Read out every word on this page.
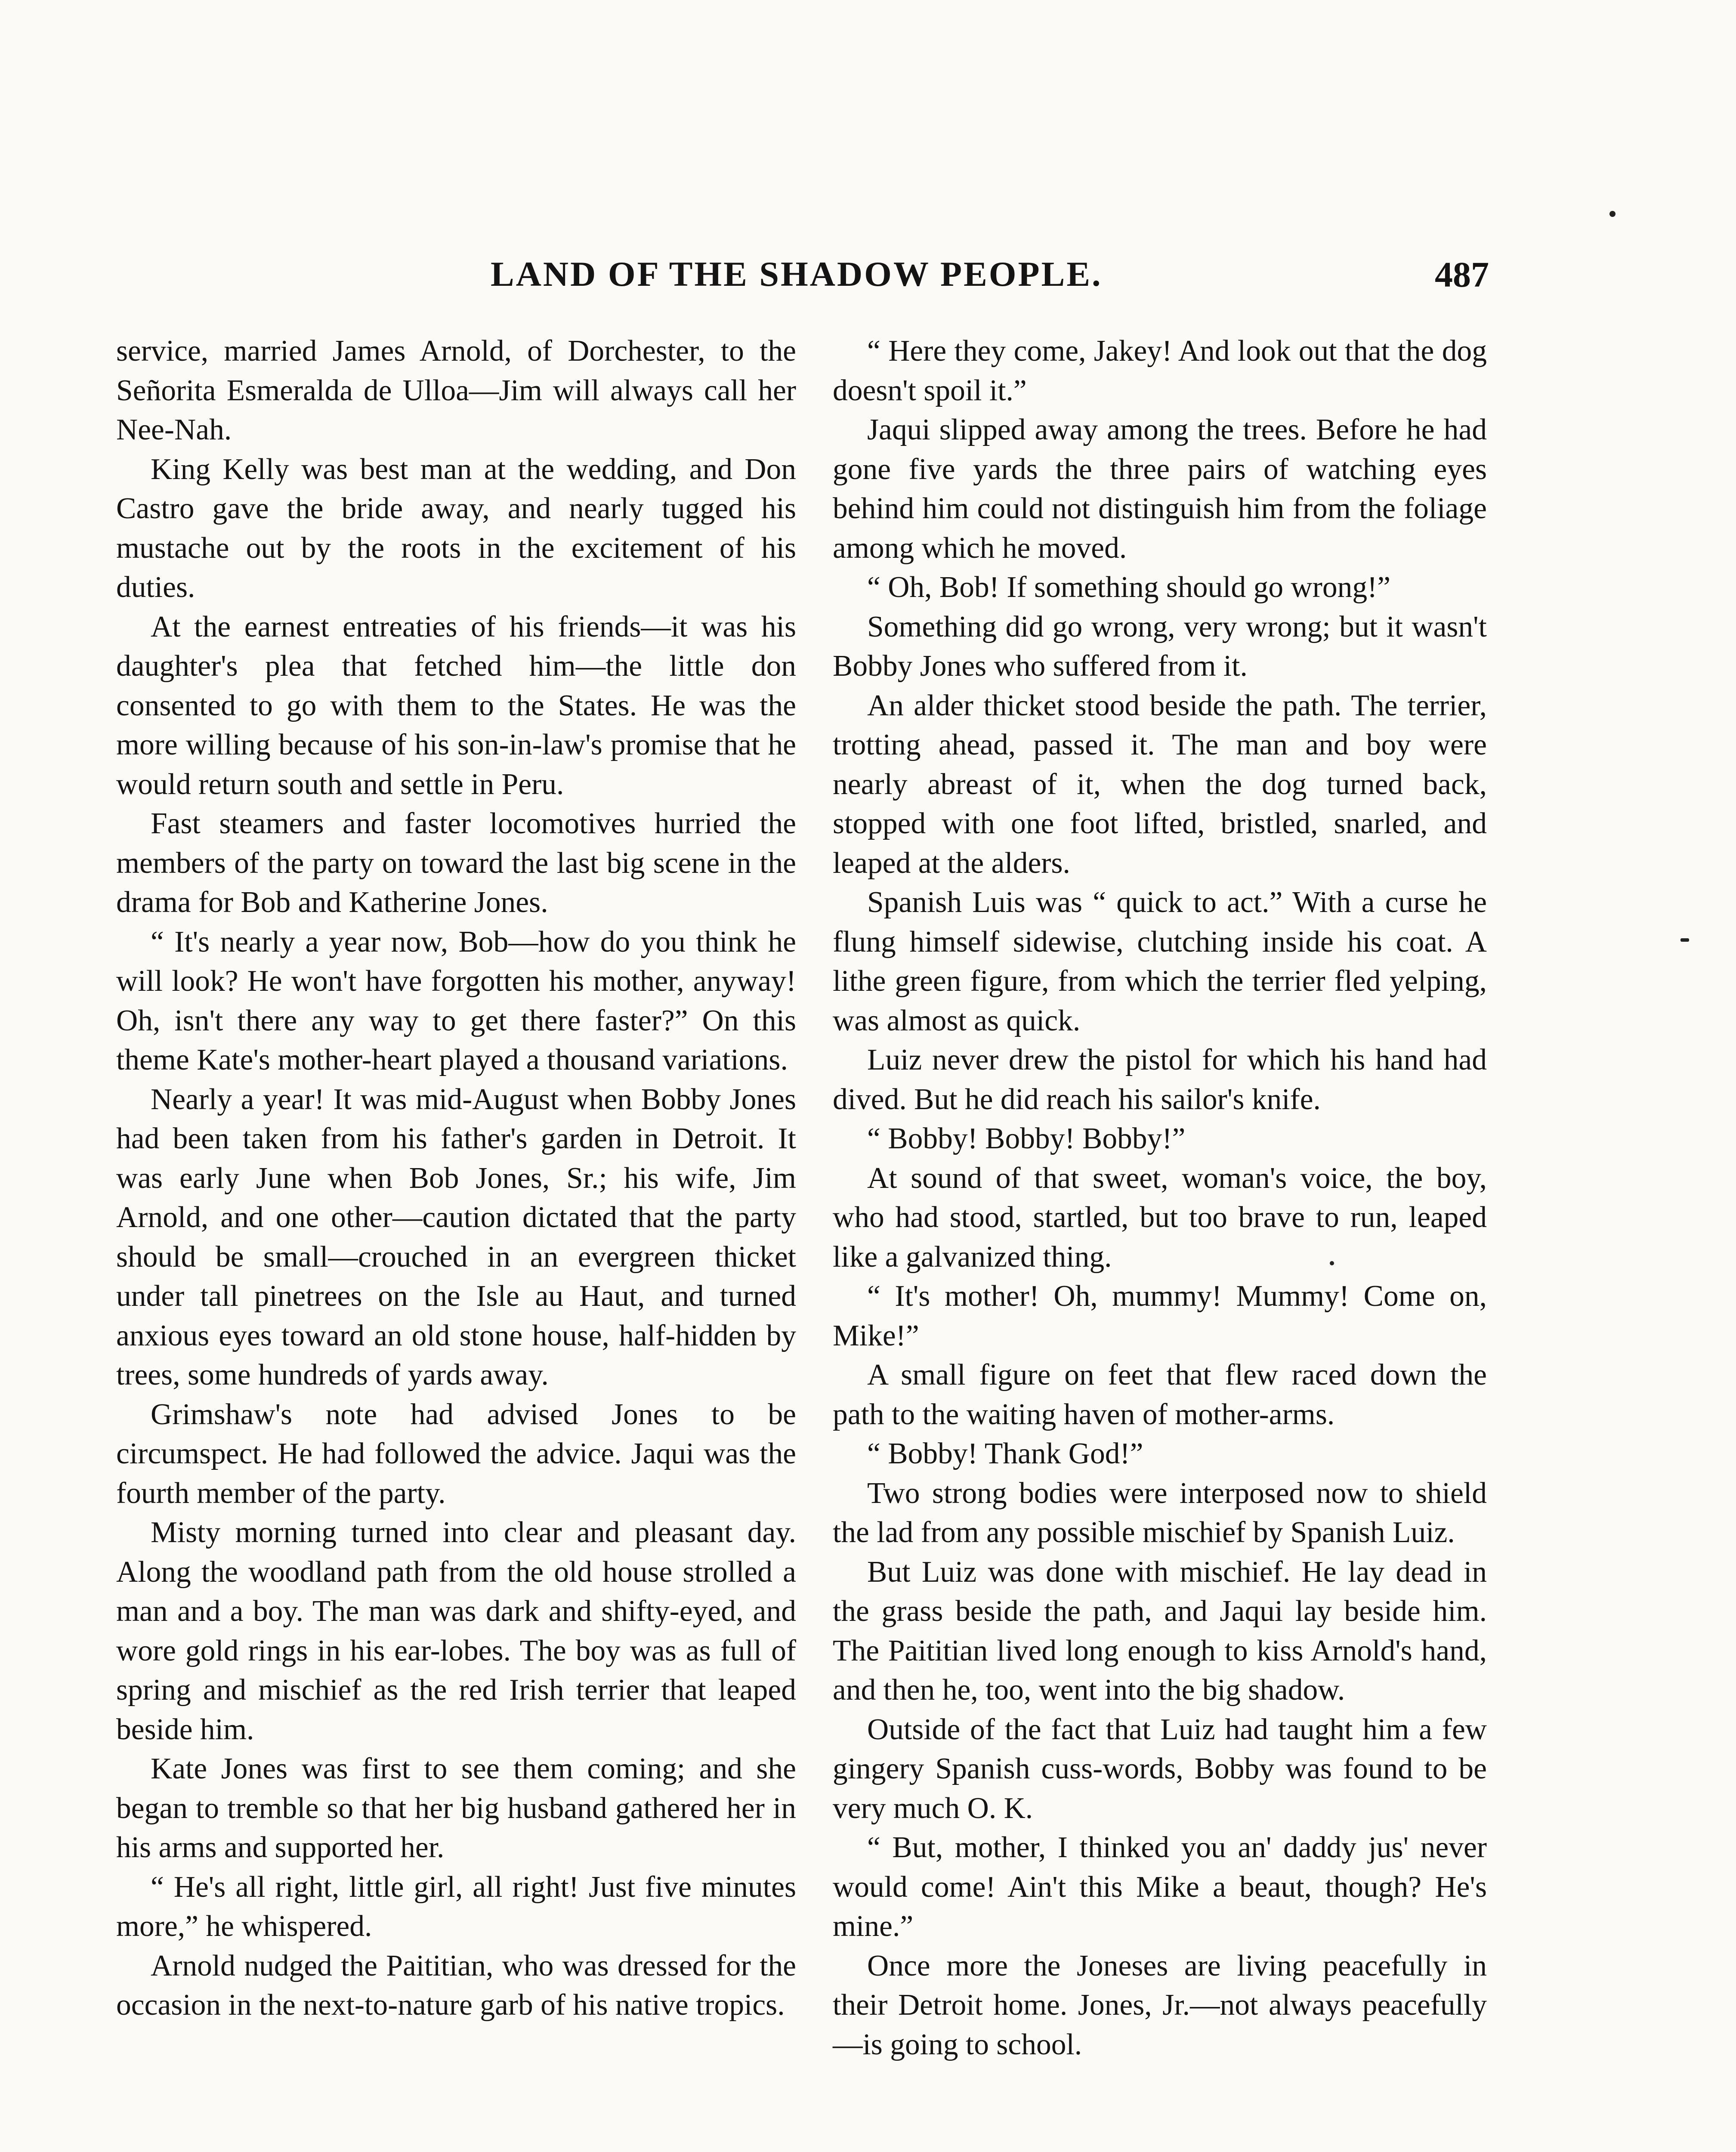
LAND OF THE SHADOW PEOPLE.	487

service, married James Arnold, of Dorchester, to the Señorita Esmeralda de Ulloa—Jim will always call her Nee-Nah.

King Kelly was best man at the wedding, and Don Castro gave the bride away, and nearly tugged his mustache out by the roots in the excitement of his duties.

At the earnest entreaties of his friends—it was his daughter's plea that fetched him—the little don consented to go with them to the States. He was the more willing because of his son-in-law's promise that he would return south and settle in Peru.

Fast steamers and faster locomotives hurried the members of the party on toward the last big scene in the drama for Bob and Katherine Jones.

“ It's nearly a year now, Bob—how do you think he will look? He won't have forgotten his mother, anyway! Oh, isn't there any way to get there faster?” On this theme Kate's mother-heart played a thousand variations.

Nearly a year! It was mid-August when Bobby Jones had been taken from his father's garden in Detroit. It was early June when Bob Jones, Sr.; his wife, Jim Arnold, and one other—caution dictated that the party should be small—crouched in an evergreen thicket under tall pinetrees on the Isle au Haut, and turned anxious eyes toward an old stone house, half-hidden by trees, some hundreds of yards away.

Grimshaw's note had advised Jones to be circumspect. He had followed the advice. Jaqui was the fourth member of the party.

Misty morning turned into clear and pleasant day. Along the woodland path from the old house strolled a man and a boy. The man was dark and shifty-eyed, and wore gold rings in his ear-lobes. The boy was as full of spring and mischief as the red Irish terrier that leaped beside him.

Kate Jones was first to see them coming; and she began to tremble so that her big husband gathered her in his arms and supported her.

“ He's all right, little girl, all right! Just five minutes more,” he whispered.

Arnold nudged the Paititian, who was dressed for the occasion in the next-to-nature garb of his native tropics.

“ Here they come, Jakey! And look out that the dog doesn't spoil it.”

Jaqui slipped away among the trees. Before he had gone five yards the three pairs of watching eyes behind him could not distinguish him from the foliage among which he moved.

“ Oh, Bob! If something should go wrong!”

Something did go wrong, very wrong; but it wasn't Bobby Jones who suffered from it.

An alder thicket stood beside the path. The terrier, trotting ahead, passed it. The man and boy were nearly abreast of it, when the dog turned back, stopped with one foot lifted, bristled, snarled, and leaped at the alders.

Spanish Luis was “ quick to act.” With a curse he flung himself sidewise, clutching inside his coat. A lithe green figure, from which the terrier fled yelping, was almost as quick.

Luiz never drew the pistol for which his hand had dived. But he did reach his sailor's knife.

“ Bobby! Bobby! Bobby!”

At sound of that sweet, woman's voice, the boy, who had stood, startled, but too brave to run, leaped like a galvanized thing.

“ It's mother! Oh, mummy! Mummy! Come on, Mike!”

A small figure on feet that flew raced down the path to the waiting haven of mother-arms.

“ Bobby! Thank God!”

Two strong bodies were interposed now to shield the lad from any possible mischief by Spanish Luiz.

But Luiz was done with mischief. He lay dead in the grass beside the path, and Jaqui lay beside him. The Paititian lived long enough to kiss Arnold's hand, and then he, too, went into the big shadow.

Outside of the fact that Luiz had taught him a few gingery Spanish cuss-words, Bobby was found to be very much O. K.

“ But, mother, I thinked you an' daddy jus' never would come! Ain't this Mike a beaut, though? He's mine.”

Once more the Joneses are living peacefully in their Detroit home. Jones, Jr.—not always peacefully—is going to school.
